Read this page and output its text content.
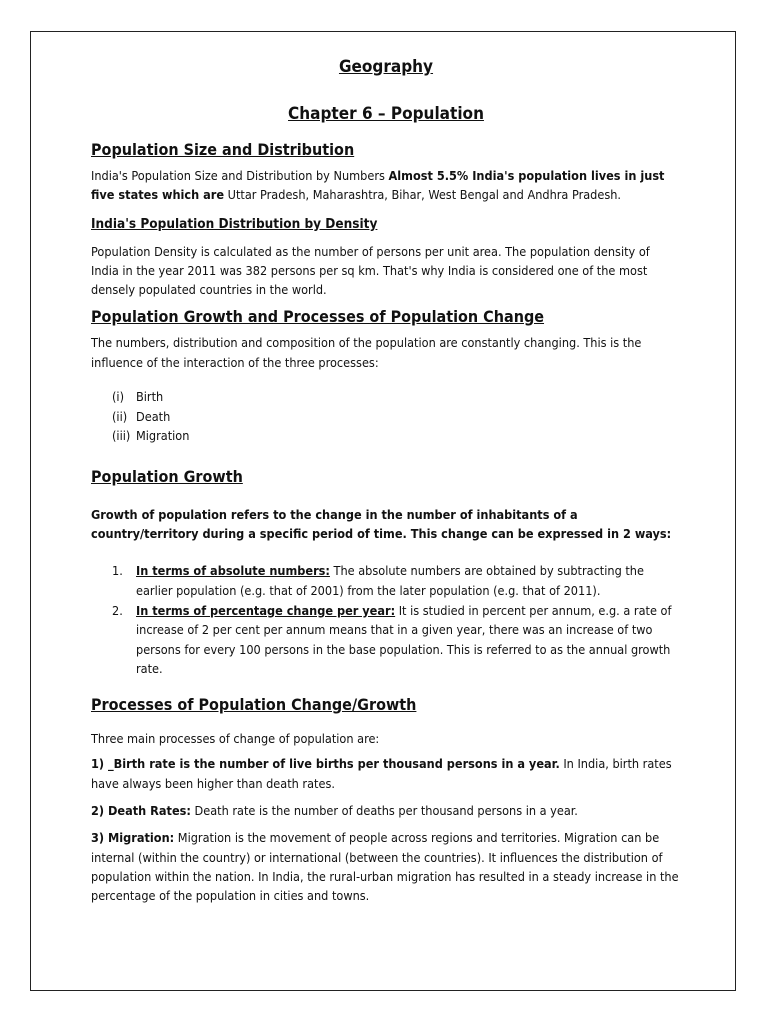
Geography
Chapter 6 – Population
Population Size and Distribution

India's Population Size and Distribution by Numbers Almost 5.5% India's population lives in just five states which are Uttar Pradesh, Maharashtra, Bihar, West Bengal and Andhra Pradesh.

India's Population Distribution by Density

Population Density is calculated as the number of persons per unit area. The population density of India in the year 2011 was 382 persons per sq km. That's why India is considered one of the most densely populated countries in the world.

Population Growth and Processes of Population Change

The numbers, distribution and composition of the population are constantly changing. This is the influence of the interaction of the three processes:

(i) Birth
(ii) Death
(iii) Migration
Population Growth

Growth of population refers to the change in the number of inhabitants of a country/territory during a specific period of time. This change can be expressed in 2 ways:

1.	In terms of absolute numbers: The absolute numbers are obtained by subtracting the earlier population (e.g. that of 2001) from the later population (e.g. that of 2011).
2.	In terms of percentage change per year: It is studied in percent per annum, e.g. a rate of increase of 2 per cent per annum means that in a given year, there was an increase of two persons for every 100 persons in the base population. This is referred to as the annual growth rate.
Processes of Population Change/Growth

Three main processes of change of population are:

1) _Birth rate is the number of live births per thousand persons in a year. In India, birth rates have always been higher than death rates.

2) Death Rates: Death rate is the number of deaths per thousand persons in a year.

3) Migration: Migration is the movement of people across regions and territories. Migration can be internal (within the country) or international (between the countries). It influences the distribution of population within the nation. In India, the rural-urban migration has resulted in a steady increase in the percentage of the population in cities and towns.
